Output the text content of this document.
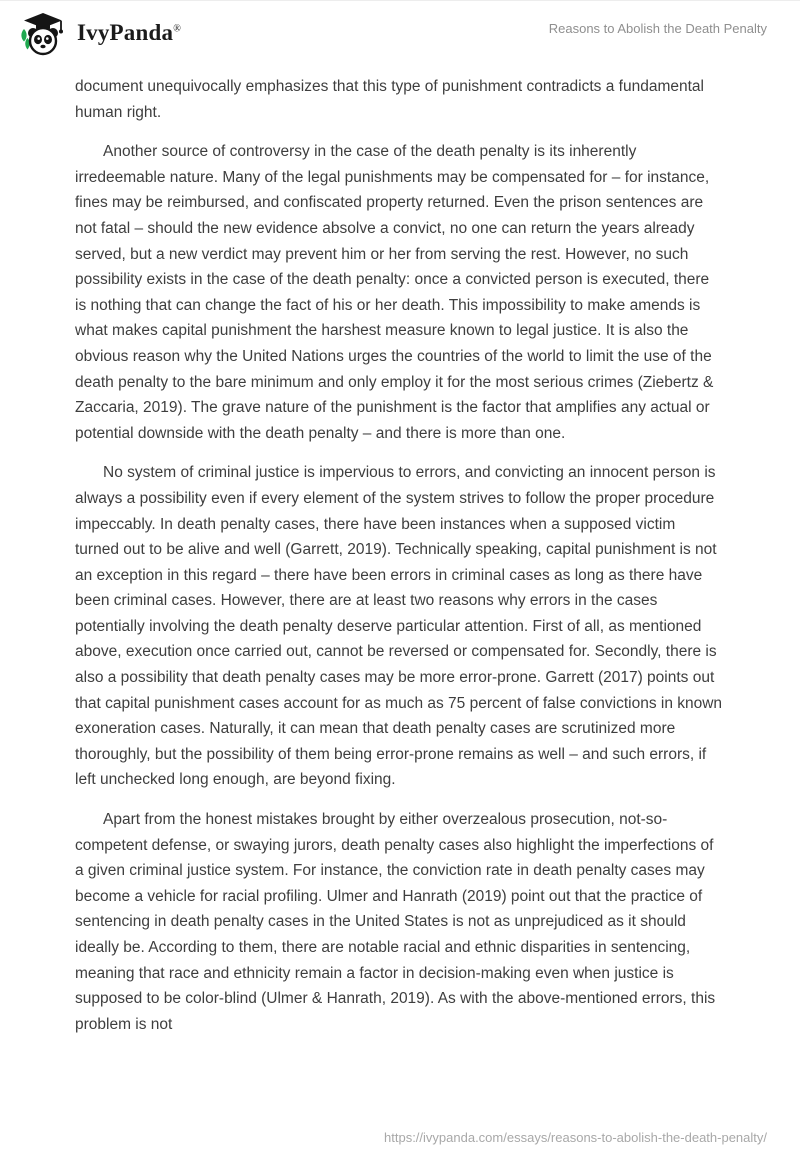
IvyPanda®	Reasons to Abolish the Death Penalty

document unequivocally emphasizes that this type of punishment contradicts a fundamental human right.

Another source of controversy in the case of the death penalty is its inherently irredeemable nature. Many of the legal punishments may be compensated for – for instance, fines may be reimbursed, and confiscated property returned. Even the prison sentences are not fatal – should the new evidence absolve a convict, no one can return the years already served, but a new verdict may prevent him or her from serving the rest. However, no such possibility exists in the case of the death penalty: once a convicted person is executed, there is nothing that can change the fact of his or her death. This impossibility to make amends is what makes capital punishment the harshest measure known to legal justice. It is also the obvious reason why the United Nations urges the countries of the world to limit the use of the death penalty to the bare minimum and only employ it for the most serious crimes (Ziebertz & Zaccaria, 2019). The grave nature of the punishment is the factor that amplifies any actual or potential downside with the death penalty – and there is more than one.

No system of criminal justice is impervious to errors, and convicting an innocent person is always a possibility even if every element of the system strives to follow the proper procedure impeccably. In death penalty cases, there have been instances when a supposed victim turned out to be alive and well (Garrett, 2019). Technically speaking, capital punishment is not an exception in this regard – there have been errors in criminal cases as long as there have been criminal cases. However, there are at least two reasons why errors in the cases potentially involving the death penalty deserve particular attention. First of all, as mentioned above, execution once carried out, cannot be reversed or compensated for. Secondly, there is also a possibility that death penalty cases may be more error-prone. Garrett (2017) points out that capital punishment cases account for as much as 75 percent of false convictions in known exoneration cases. Naturally, it can mean that death penalty cases are scrutinized more thoroughly, but the possibility of them being error-prone remains as well – and such errors, if left unchecked long enough, are beyond fixing.

Apart from the honest mistakes brought by either overzealous prosecution, not-so-competent defense, or swaying jurors, death penalty cases also highlight the imperfections of a given criminal justice system. For instance, the conviction rate in death penalty cases may become a vehicle for racial profiling. Ulmer and Hanrath (2019) point out that the practice of sentencing in death penalty cases in the United States is not as unprejudiced as it should ideally be. According to them, there are notable racial and ethnic disparities in sentencing, meaning that race and ethnicity remain a factor in decision-making even when justice is supposed to be color-blind (Ulmer & Hanrath, 2019). As with the above-mentioned errors, this problem is not

https://ivypanda.com/essays/reasons-to-abolish-the-death-penalty/
